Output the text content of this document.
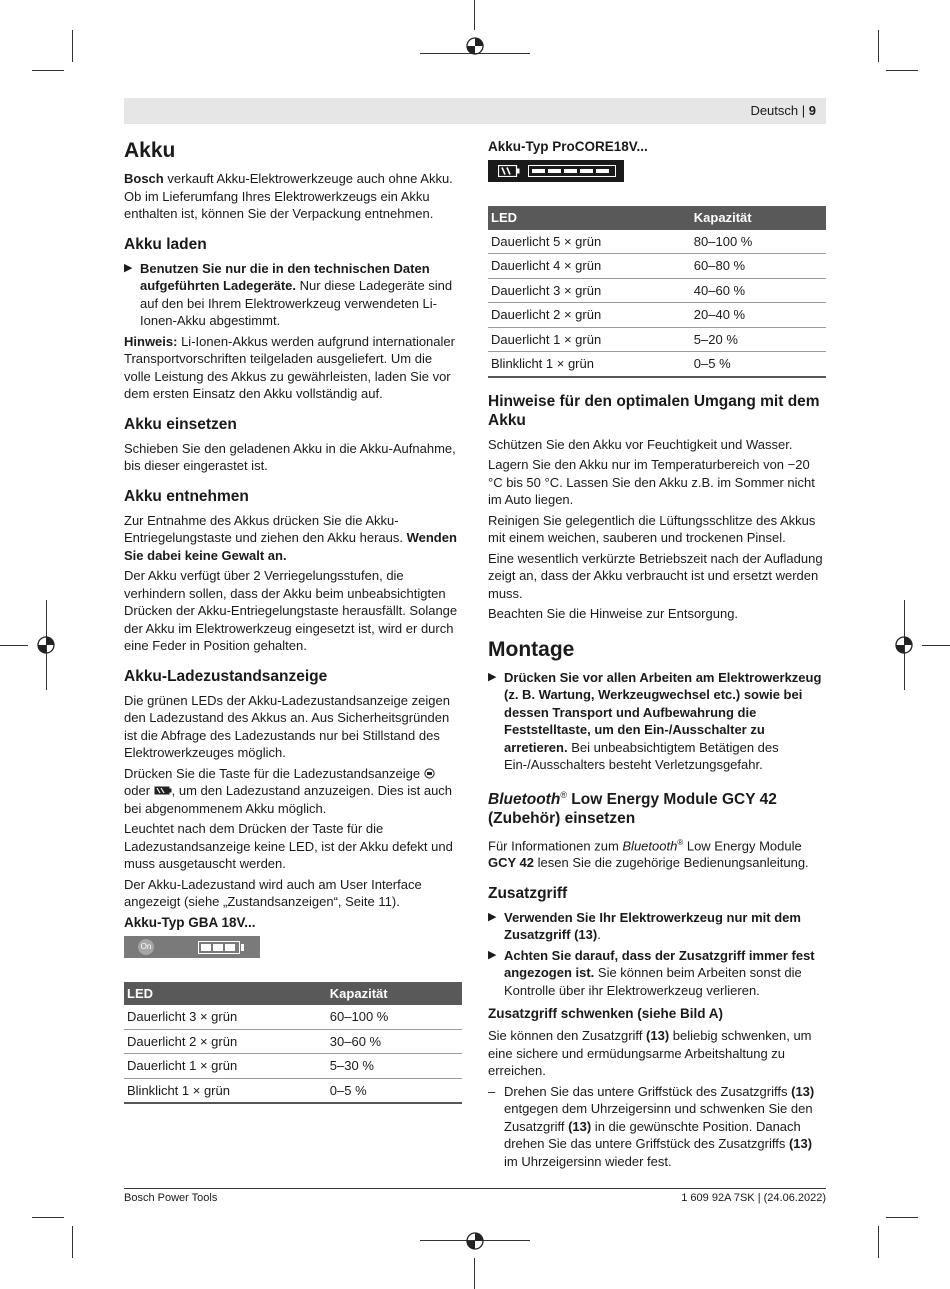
Deutsch | 9
Akku

Bosch verkauft Akku-Elektrowerkzeuge auch ohne Akku. Ob im Lieferumfang Ihres Elektrowerkzeugs ein Akku enthalten ist, können Sie der Verpackung entnehmen.

Akku laden
▶ Benutzen Sie nur die in den technischen Daten aufgeführten Ladegeräte. Nur diese Ladegeräte sind auf den bei Ihrem Elektrowerkzeug verwendeten Li-Ionen-Akku abgestimmt.

Hinweis: Li-Ionen-Akkus werden aufgrund internationaler Transportvorschriften teilgeladen ausgeliefert. Um die volle Leistung des Akkus zu gewährleisten, laden Sie vor dem ersten Einsatz den Akku vollständig auf.

Akku einsetzen

Schieben Sie den geladenen Akku in die Akku-Aufnahme, bis dieser eingerastet ist.

Akku entnehmen

Zur Entnahme des Akkus drücken Sie die Akku-Entriegelungstaste und ziehen den Akku heraus. Wenden Sie dabei keine Gewalt an.

Der Akku verfügt über 2 Verriegelungsstufen, die verhindern sollen, dass der Akku beim unbeabsichtigten Drücken der Akku-Entriegelungstaste herausfällt. Solange der Akku im Elektrowerkzeug eingesetzt ist, wird er durch eine Feder in Position gehalten.

Akku-Ladezustandsanzeige

Die grünen LEDs der Akku-Ladezustandsanzeige zeigen den Ladezustand des Akkus an. Aus Sicherheitsgründen ist die Abfrage des Ladezustands nur bei Stillstand des Elektrowerkzeuges möglich.

Drücken Sie die Taste für die Ladezustandsanzeige  oder , um den Ladezustand anzuzeigen. Dies ist auch bei abgenommenem Akku möglich.

Leuchtet nach dem Drücken der Taste für die Ladezustandsanzeige keine LED, ist der Akku defekt und muss ausgetauscht werden.

Der Akku-Ladezustand wird auch am User Interface angezeigt (siehe „Zustandsanzeigen“, Seite 11).

Akku-Typ GBA 18V...
On
LED	Kapazität
Dauerlicht 3 × grün	60–100 %
Dauerlicht 2 × grün	30–60 %
Dauerlicht 1 × grün	5–30 %
Blinklicht 1 × grün	0–5 %
Akku-Typ ProCORE18V...
LED	Kapazität
Dauerlicht 5 × grün	80–100 %
Dauerlicht 4 × grün	60–80 %
Dauerlicht 3 × grün	40–60 %
Dauerlicht 2 × grün	20–40 %
Dauerlicht 1 × grün	5–20 %
Blinklicht 1 × grün	0–5 %
Hinweise für den optimalen Umgang mit dem Akku

Schützen Sie den Akku vor Feuchtigkeit und Wasser.

Lagern Sie den Akku nur im Temperaturbereich von −20 °C bis 50 °C. Lassen Sie den Akku z.B. im Sommer nicht im Auto liegen.

Reinigen Sie gelegentlich die Lüftungsschlitze des Akkus mit einem weichen, sauberen und trockenen Pinsel.

Eine wesentlich verkürzte Betriebszeit nach der Aufladung zeigt an, dass der Akku verbraucht ist und ersetzt werden muss.

Beachten Sie die Hinweise zur Entsorgung.

Montage
▶ Drücken Sie vor allen Arbeiten am Elektrowerkzeug (z. B. Wartung, Werkzeugwechsel etc.) sowie bei dessen Transport und Aufbewahrung die Feststelltaste, um den Ein-/Ausschalter zu arretieren. Bei unbeabsichtigtem Betätigen des Ein-/Ausschalters besteht Verletzungsgefahr.
Bluetooth® Low Energy Module GCY 42 (Zubehör) einsetzen

Für Informationen zum Bluetooth® Low Energy Module GCY 42 lesen Sie die zugehörige Bedienungsanleitung.

Zusatzgriff
▶ Verwenden Sie Ihr Elektrowerkzeug nur mit dem Zusatzgriff (13).
▶ Achten Sie darauf, dass der Zusatzgriff immer fest angezogen ist. Sie können beim Arbeiten sonst die Kontrolle über ihr Elektrowerkzeug verlieren.
Zusatzgriff schwenken (siehe Bild A)

Sie können den Zusatzgriff (13) beliebig schwenken, um eine sichere und ermüdungsarme Arbeitshaltung zu erreichen.

– Drehen Sie das untere Griffstück des Zusatzgriffs (13) entgegen dem Uhrzeigersinn und schwenken Sie den Zusatzgriff (13) in die gewünschte Position. Danach drehen Sie das untere Griffstück des Zusatzgriffs (13) im Uhrzeigersinn wieder fest.
Bosch Power Tools	1 609 92A 7SK | (24.06.2022)
